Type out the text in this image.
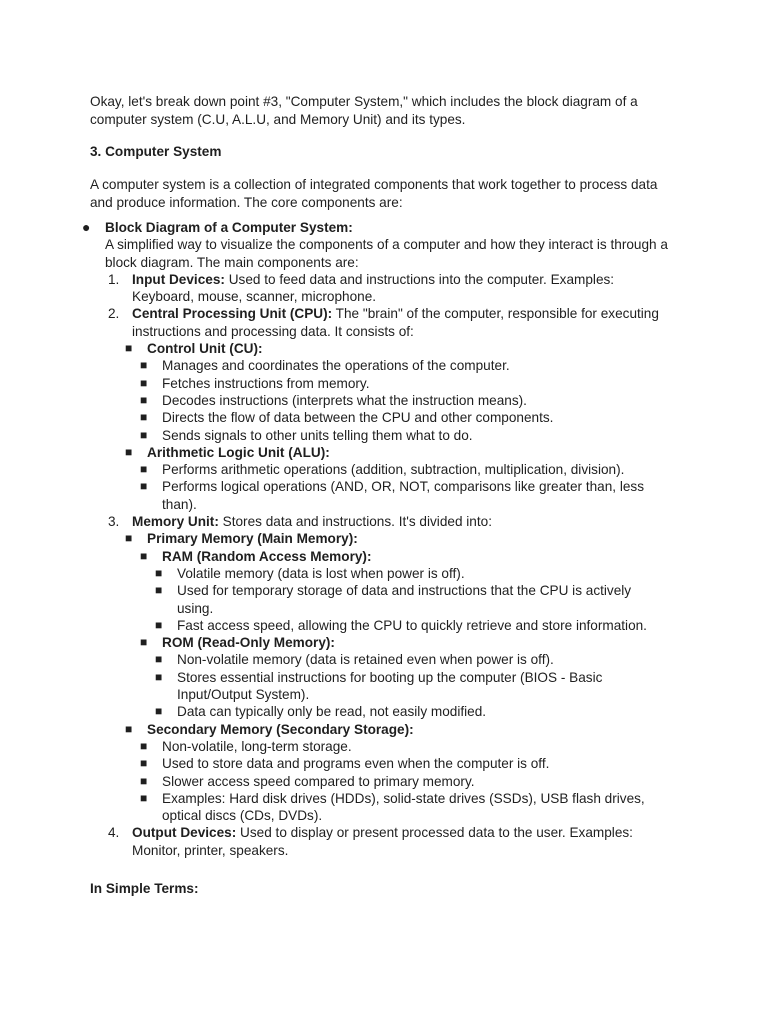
Okay, let's break down point #3, "Computer System," which includes the block diagram of a computer system (C.U, A.L.U, and Memory Unit) and its types.

3. Computer System

A computer system is a collection of integrated components that work together to process data and produce information. The core components are:

● Block Diagram of a Computer System:
A simplified way to visualize the components of a computer and how they interact is through a block diagram. The main components are:
1. Input Devices: Used to feed data and instructions into the computer. Examples: Keyboard, mouse, scanner, microphone.
2. Central Processing Unit (CPU): The "brain" of the computer, responsible for executing instructions and processing data. It consists of:
■ Control Unit (CU):
■ Manages and coordinates the operations of the computer.
■ Fetches instructions from memory.
■ Decodes instructions (interprets what the instruction means).
■ Directs the flow of data between the CPU and other components.
■ Sends signals to other units telling them what to do.
■ Arithmetic Logic Unit (ALU):
■ Performs arithmetic operations (addition, subtraction, multiplication, division).
■ Performs logical operations (AND, OR, NOT, comparisons like greater than, less than).
3. Memory Unit: Stores data and instructions. It's divided into:
■ Primary Memory (Main Memory):
■ RAM (Random Access Memory):
■ Volatile memory (data is lost when power is off).
■ Used for temporary storage of data and instructions that the CPU is actively using.
■ Fast access speed, allowing the CPU to quickly retrieve and store information.
■ ROM (Read-Only Memory):
■ Non-volatile memory (data is retained even when power is off).
■ Stores essential instructions for booting up the computer (BIOS - Basic Input/Output System).
■ Data can typically only be read, not easily modified.
■ Secondary Memory (Secondary Storage):
■ Non-volatile, long-term storage.
■ Used to store data and programs even when the computer is off.
■ Slower access speed compared to primary memory.
■ Examples: Hard disk drives (HDDs), solid-state drives (SSDs), USB flash drives, optical discs (CDs, DVDs).
4. Output Devices: Used to display or present processed data to the user. Examples: Monitor, printer, speakers.

In Simple Terms:
